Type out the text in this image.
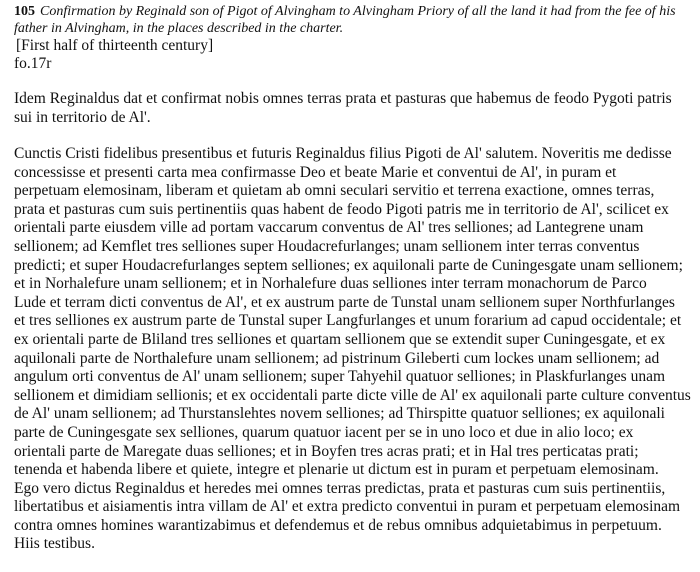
105 Confirmation by Reginald son of Pigot of Alvingham to Alvingham Priory of all the land it had from the fee of his
father in Alvingham, in the places described in the charter.

[First half of thirteenth century]

fo.17r

Idem Reginaldus dat et confirmat nobis omnes terras prata et pasturas que habemus de feodo Pygoti patris
sui in territorio de Al'.

Cunctis Cristi fidelibus presentibus et futuris Reginaldus filius Pigoti de Al' salutem. Noveritis me dedisse
concessisse et presenti carta mea confirmasse Deo et beate Marie et conventui de Al', in puram et
perpetuam elemosinam, liberam et quietam ab omni seculari servitio et terrena exactione, omnes terras,
prata et pasturas cum suis pertinentiis quas habent de feodo Pigoti patris me in territorio de Al', scilicet ex
orientali parte eiusdem ville ad portam vaccarum conventus de Al' tres selliones; ad Lantegrene unam
sellionem; ad Kemflet tres selliones super Houdacrefurlanges; unam sellionem inter terras conventus
predicti; et super Houdacrefurlanges septem selliones; ex aquilonali parte de Cuningesgate unam sellionem;
et in Norhalefure unam sellionem; et in Norhalefure duas selliones inter terram monachorum de Parco
Lude et terram dicti conventus de Al', et ex austrum parte de Tunstal unam sellionem super Northfurlanges
et tres selliones ex austrum parte de Tunstal super Langfurlanges et unum forarium ad capud occidentale; et
ex orientali parte de Bliland tres selliones et quartam sellionem que se extendit super Cuningesgate, et ex
aquilonali parte de Northalefure unam sellionem; ad pistrinum Gileberti cum lockes unam sellionem; ad
angulum orti conventus de Al' unam sellionem; super Tahyehil quatuor selliones; in Plaskfurlanges unam
sellionem et dimidiam sellionis; et ex occidentali parte dicte ville de Al' ex aquilonali parte culture conventus
de Al' unam sellionem; ad Thurstanslehtes novem selliones; ad Thirspitte quatuor selliones; ex aquilonali
parte de Cuningesgate sex selliones, quarum quatuor iacent per se in uno loco et due in alio loco; ex
orientali parte de Maregate duas selliones; et in Boyfen tres acras prati; et in Hal tres perticatas prati;
tenenda et habenda libere et quiete, integre et plenarie ut dictum est in puram et perpetuam elemosinam.
Ego vero dictus Reginaldus et heredes mei omnes terras predictas, prata et pasturas cum suis pertinentiis,
libertatibus et aisiamentis intra villam de Al' et extra predicto conventui in puram et perpetuam elemosinam
contra omnes homines warantizabimus et defendemus et de rebus omnibus adquietabimus in perpetuum.
Hiis testibus.
